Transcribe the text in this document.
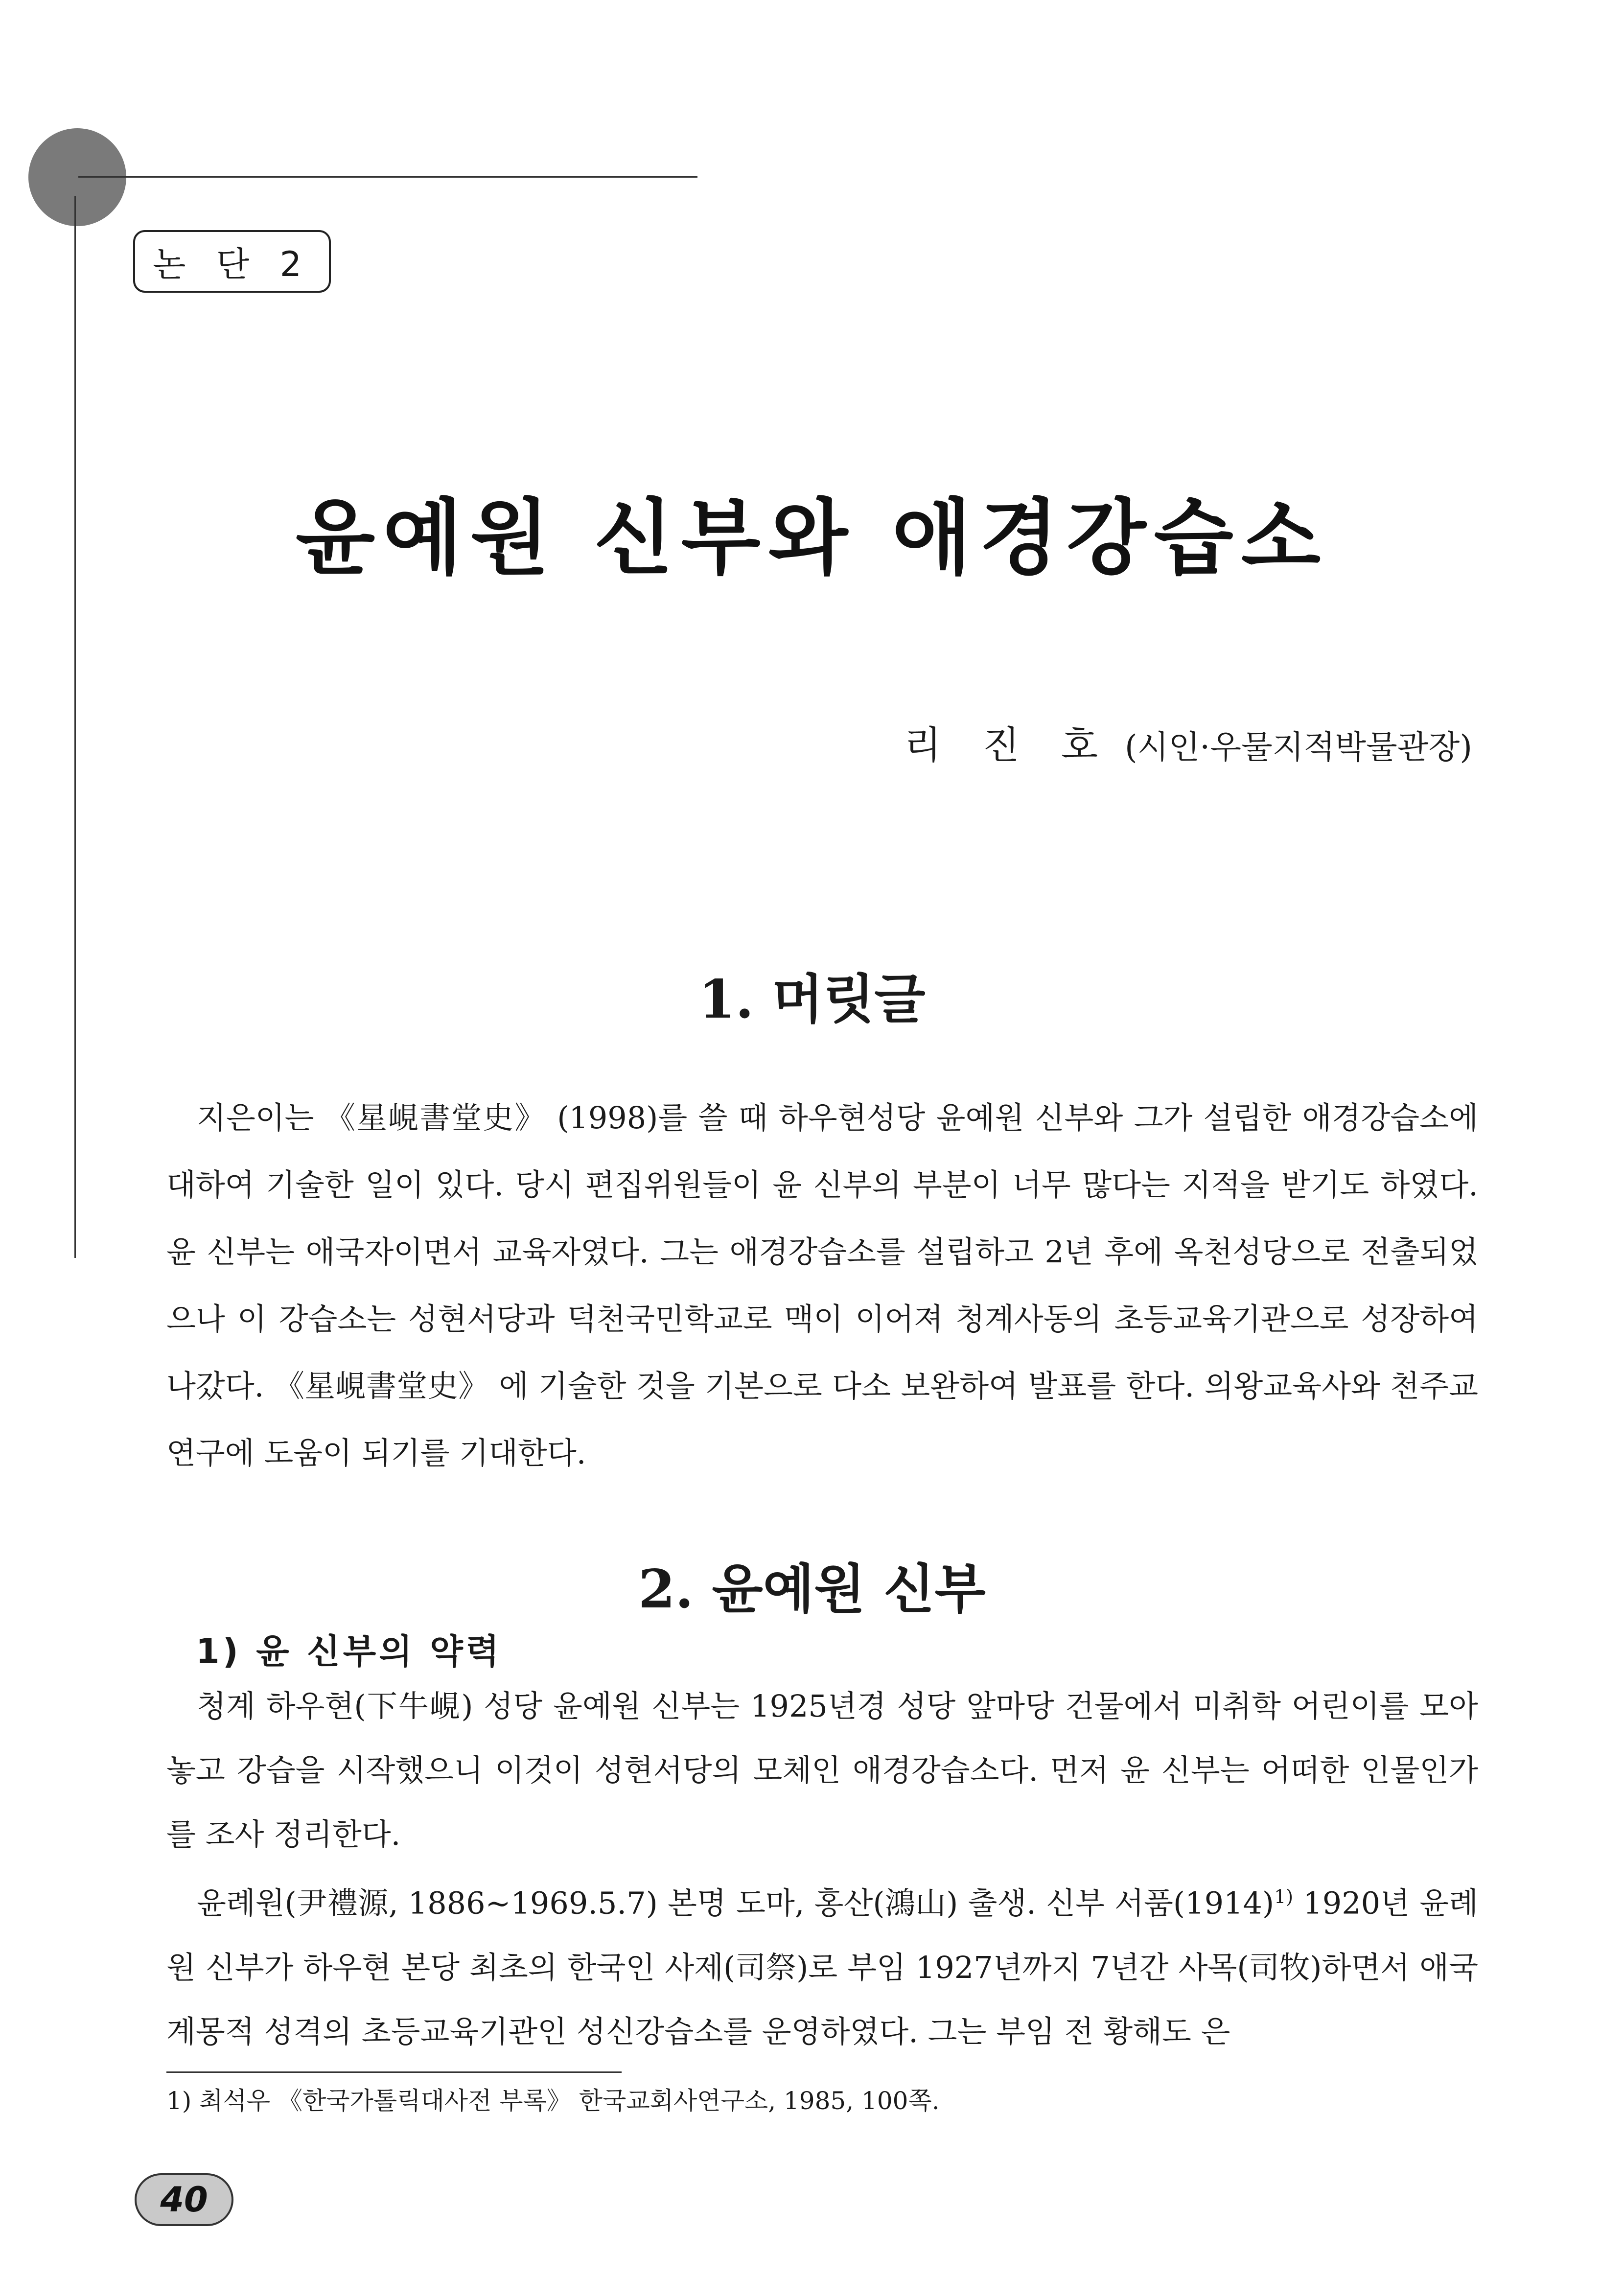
논 단 2
윤예원 신부와 애경강습소
리 진 호 (시인·우물지적박물관장)
1. 머릿글

지은이는 《星峴書堂史》 (1998)를 쓸 때 하우현성당 윤예원 신부와 그가 설립한 애경강습소에 대하여 기술한 일이 있다. 당시 편집위원들이 윤 신부의 부분이 너무 많다는 지적을 받기도 하였다. 윤 신부는 애국자이면서 교육자였다. 그는 애경강습소를 설립하고 2년 후에 옥천성당으로 전출되었으나 이 강습소는 성현서당과 덕천국민학교로 맥이 이어져 청계사동의 초등교육기관으로 성장하여 나갔다. 《星峴書堂史》 에 기술한 것을 기본으로 다소 보완하여 발표를 한다. 의왕교육사와 천주교 연구에 도움이 되기를 기대한다.

2. 윤예원 신부
1) 윤 신부의 약력

청계 하우현(下牛峴) 성당 윤예원 신부는 1925년경 성당 앞마당 건물에서 미취학 어린이를 모아놓고 강습을 시작했으니 이것이 성현서당의 모체인 애경강습소다. 먼저 윤 신부는 어떠한 인물인가를 조사 정리한다.

윤례원(尹禮源, 1886~1969.5.7) 본명 도마, 홍산(鴻山) 출생. 신부 서품$(1914)^{1)}$ 1920년 윤례원 신부가 하우현 본당 최초의 한국인 사제(司祭)로 부임 1927년까지 7년간 사목(司牧)하면서 애국계몽적 성격의 초등교육기관인 성신강습소를 운영하였다. 그는 부임 전 황해도 은

1) 최석우 《한국가톨릭대사전 부록》 한국교회사연구소, 1985, 100쪽.
40
